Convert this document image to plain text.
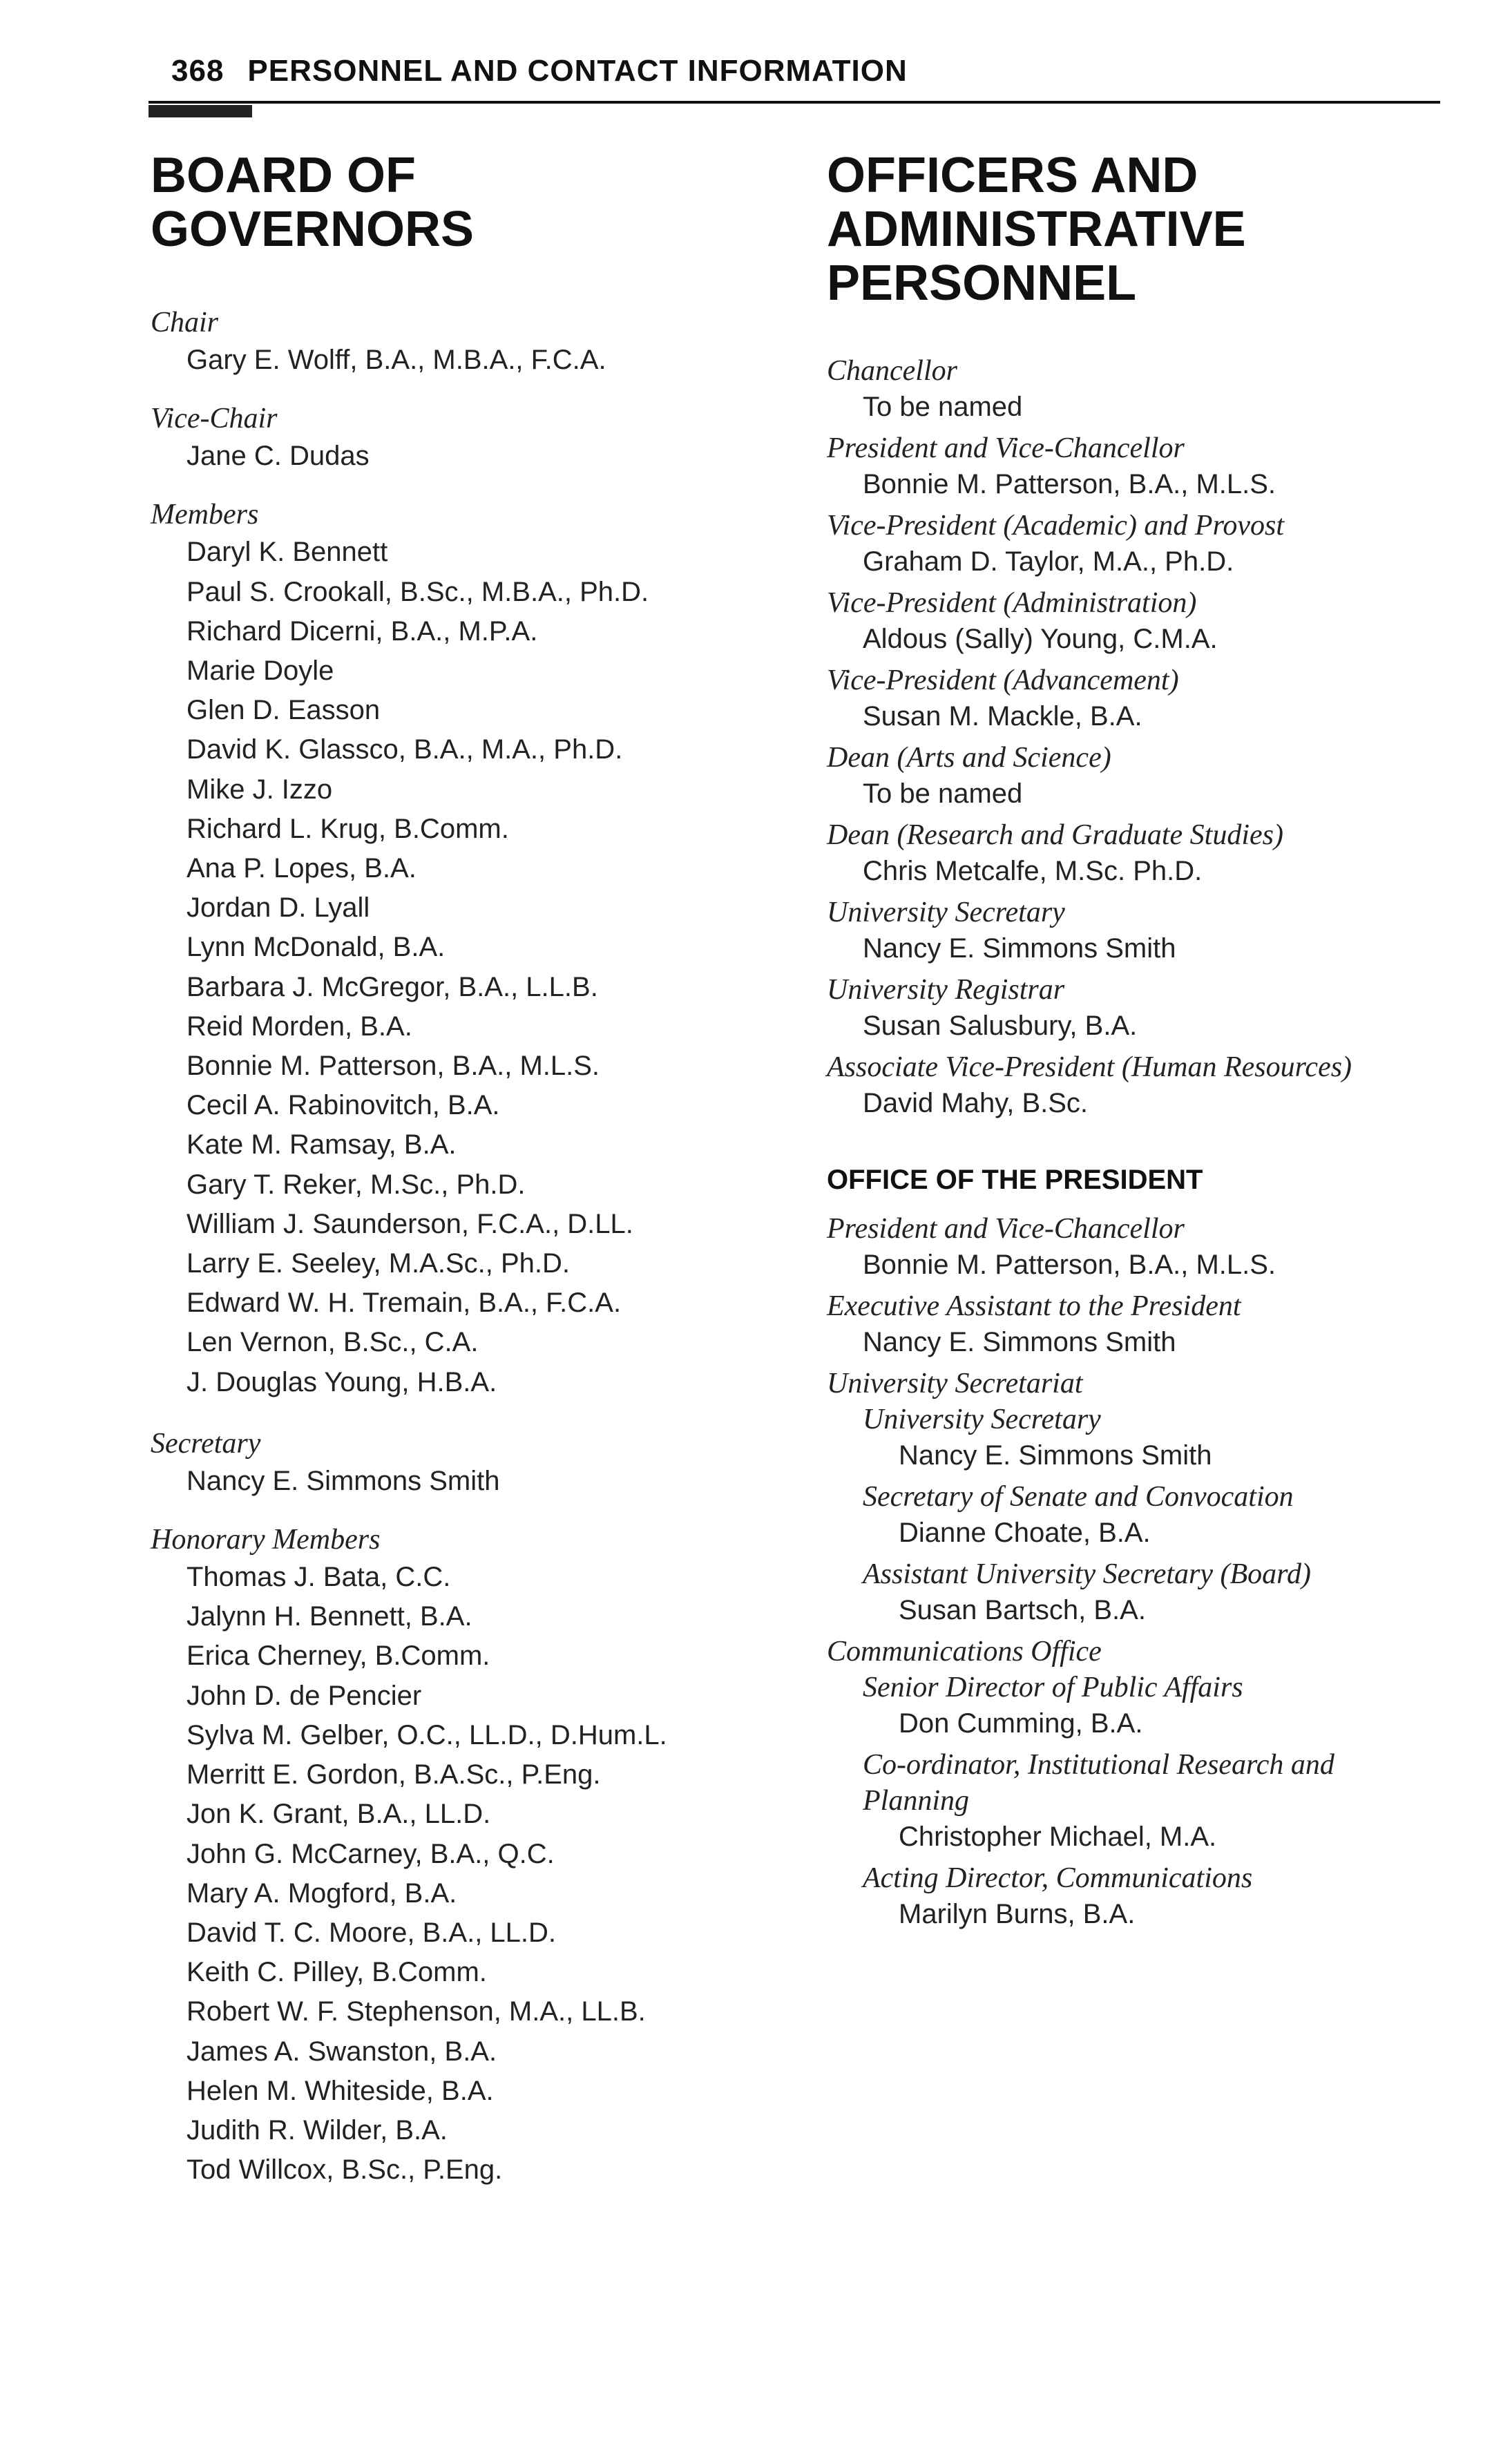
368 PERSONNEL AND CONTACT INFORMATION
BOARD OF GOVERNORS
Chair
Gary E. Wolff, B.A., M.B.A., F.C.A.
Vice-Chair
Jane C. Dudas
Members
Daryl K. Bennett
Paul S. Crookall, B.Sc., M.B.A., Ph.D.
Richard Dicerni, B.A., M.P.A.
Marie Doyle
Glen D. Easson
David K. Glassco, B.A., M.A., Ph.D.
Mike J. Izzo
Richard L. Krug, B.Comm.
Ana P. Lopes, B.A.
Jordan D. Lyall
Lynn McDonald, B.A.
Barbara J. McGregor, B.A., L.L.B.
Reid Morden, B.A.
Bonnie M. Patterson, B.A., M.L.S.
Cecil A. Rabinovitch, B.A.
Kate M. Ramsay, B.A.
Gary T. Reker, M.Sc., Ph.D.
William J. Saunderson, F.C.A., D.LL.
Larry E. Seeley, M.A.Sc., Ph.D.
Edward W. H. Tremain, B.A., F.C.A.
Len Vernon, B.Sc., C.A.
J. Douglas Young, H.B.A.
Secretary
Nancy E. Simmons Smith
Honorary Members
Thomas J. Bata, C.C.
Jalynn H. Bennett, B.A.
Erica Cherney, B.Comm.
John D. de Pencier
Sylva M. Gelber, O.C., LL.D., D.Hum.L.
Merritt E. Gordon, B.A.Sc., P.Eng.
Jon K. Grant, B.A., LL.D.
John G. McCarney, B.A., Q.C.
Mary A. Mogford, B.A.
David T. C. Moore, B.A., LL.D.
Keith C. Pilley, B.Comm.
Robert W. F. Stephenson, M.A., LL.B.
James A. Swanston, B.A.
Helen M. Whiteside, B.A.
Judith R. Wilder, B.A.
Tod Willcox, B.Sc., P.Eng.
OFFICERS AND ADMINISTRATIVE PERSONNEL
Chancellor
To be named
President and Vice-Chancellor
Bonnie M. Patterson, B.A., M.L.S.
Vice-President (Academic) and Provost
Graham D. Taylor, M.A., Ph.D.
Vice-President (Administration)
Aldous (Sally) Young, C.M.A.
Vice-President (Advancement)
Susan M. Mackle, B.A.
Dean (Arts and Science)
To be named
Dean (Research and Graduate Studies)
Chris Metcalfe, M.Sc. Ph.D.
University Secretary
Nancy E. Simmons Smith
University Registrar
Susan Salusbury, B.A.
Associate Vice-President (Human Resources)
David Mahy, B.Sc.
OFFICE OF THE PRESIDENT
President and Vice-Chancellor
Bonnie M. Patterson, B.A., M.L.S.
Executive Assistant to the President
Nancy E. Simmons Smith
University Secretariat
University Secretary
Nancy E. Simmons Smith
Secretary of Senate and Convocation
Dianne Choate, B.A.
Assistant University Secretary (Board)
Susan Bartsch, B.A.
Communications Office
Senior Director of Public Affairs
Don Cumming, B.A.
Co-ordinator, Institutional Research and Planning
Christopher Michael, M.A.
Acting Director, Communications
Marilyn Burns, B.A.
